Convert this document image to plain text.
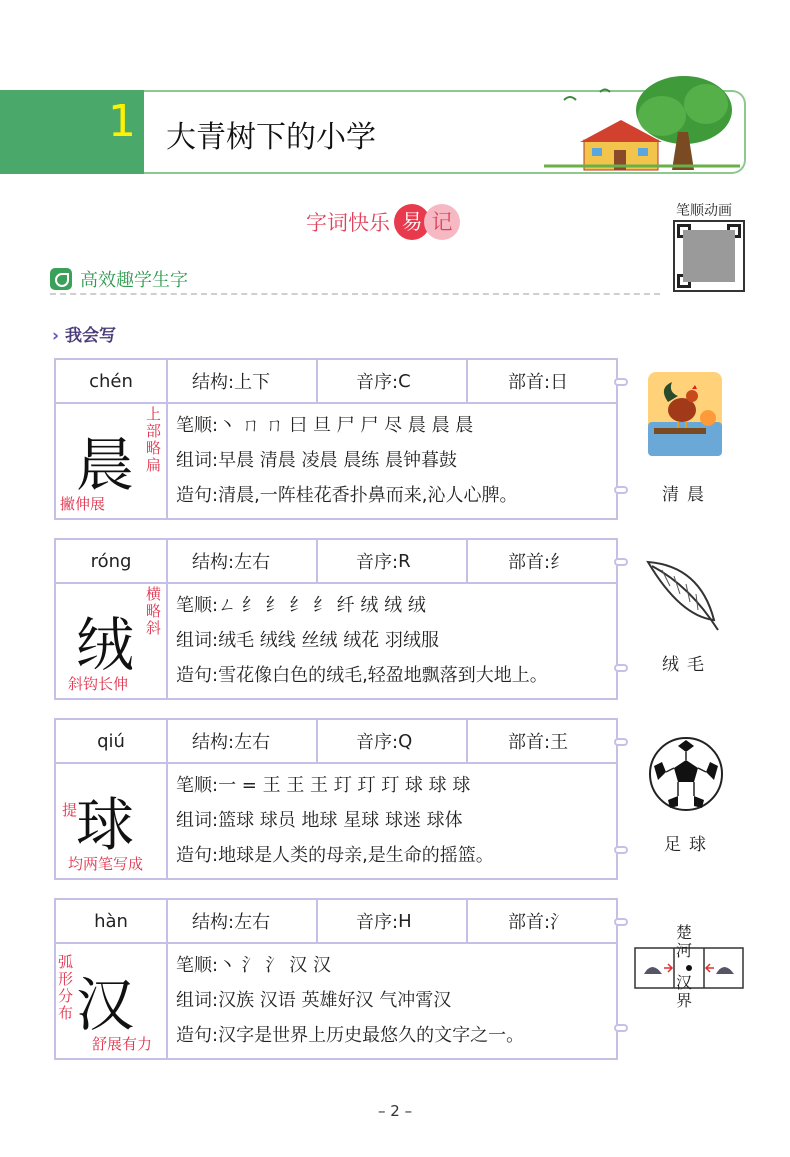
1 大青树下的小学
字词快乐 易 记	笔顺动画
高效趣学生字
› 我会写
chén	结构: 上下	音序: C	部首: 日
晨
上部略扁
撇伸展
笔顺:丶 ㄇ ㄇ 曰 旦 尸 尸 尽 晨 晨 晨
组词:早晨 清晨 凌晨 晨练 晨钟暮鼓
造句:清晨,一阵桂花香扑鼻而来,沁人心脾。	清晨
róng	结构: 左右	音序: R	部首: 纟
绒
横略斜
斜钩长伸
笔顺:ㄥ 纟 纟 纟 纟 纤 绒 绒 绒
组词:绒毛 绒线 丝绒 绒花 羽绒服
造句:雪花像白色的绒毛,轻盈地飘落到大地上。	绒毛
qiú	结构: 左右	音序: Q	部首: 王
球
提
均两笔写成
笔顺:一 = 王 王 王 玎 玎 玎 球 球 球
组词:篮球 球员 地球 星球 球迷 球体
造句:地球是人类的母亲,是生命的摇篮。	足球
hàn	结构: 左右	音序: H	部首: 氵
汉
弧形分布
舒展有力
笔顺:丶 氵 氵 汉 汉
组词:汉族 汉语 英雄好汉 气冲霄汉
造句:汉字是世界上历史最悠久的文字之一。
楚河
汉界
– 2 –
